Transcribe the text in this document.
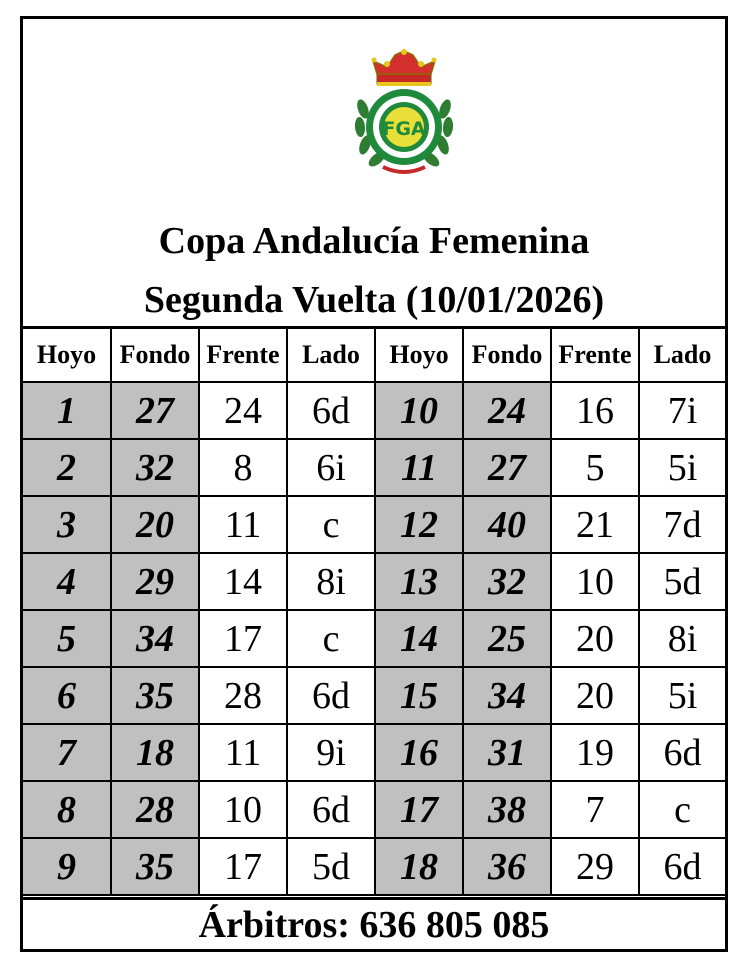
FGA
Copa Andalucía Femenina
Segunda Vuelta (10/01/2026)
Hoyo	Fondo	Frente	Lado	Hoyo	Fondo	Frente	Lado
1	27	24	6d	10	24	16	7i
2	32	8	6i	11	27	5	5i
3	20	11	c	12	40	21	7d
4	29	14	8i	13	32	10	5d
5	34	17	c	14	25	20	8i
6	35	28	6d	15	34	20	5i
7	18	11	9i	16	31	19	6d
8	28	10	6d	17	38	7	c
9	35	17	5d	18	36	29	6d
Árbitros: 636 805 085
